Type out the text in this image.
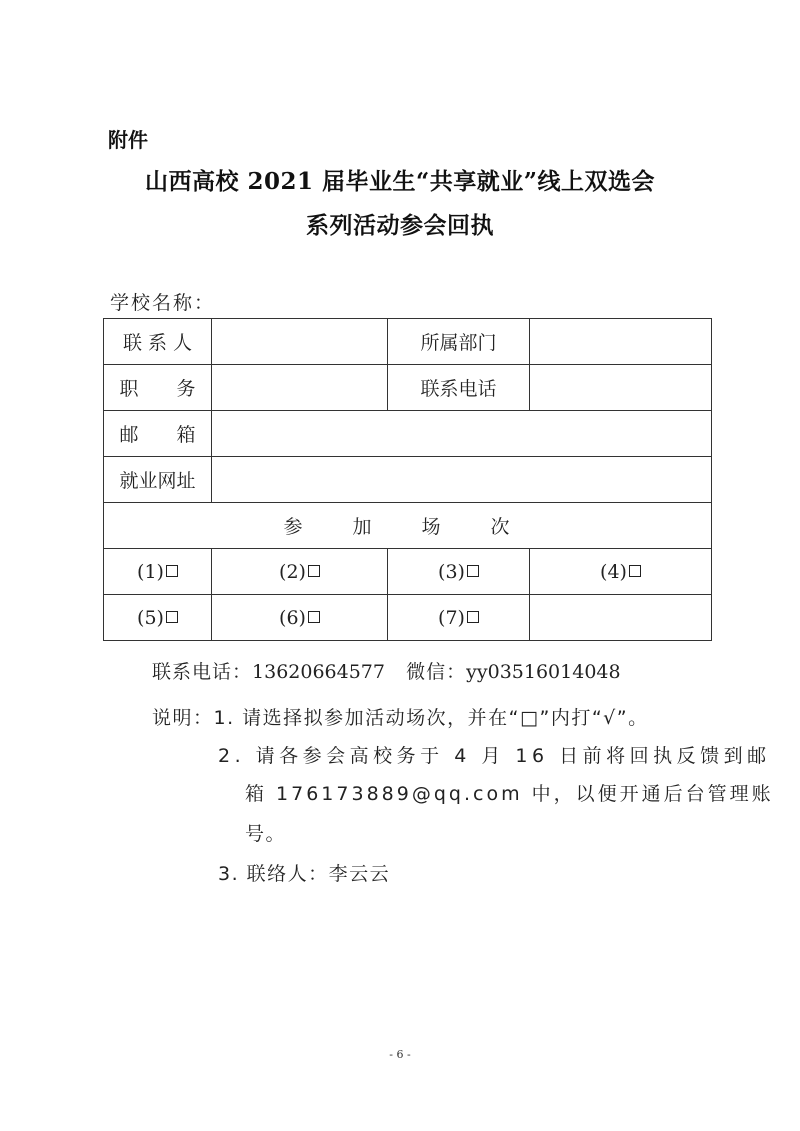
附件
山西高校 2021 届毕业生“共享就业”线上双选会
系列活动参会回执
学校名称：
联 系 人		所属部门	
职　　务		联系电话	
邮　　箱			
就业网址			
参 加 场 次			
(1)	(2)	(3)	(4)
(5)	(6)	(7)	
联系电话：13620664577 微信：yy03516014048
说明：1. 请选择拟参加活动场次，并在“□”内打“√”。
2. 请各参会高校务于 4 月 16 日前将回执反馈到邮
箱 176173889@qq.com 中，以便开通后台管理账
号。
3. 联络人：李云云
- 6 -
